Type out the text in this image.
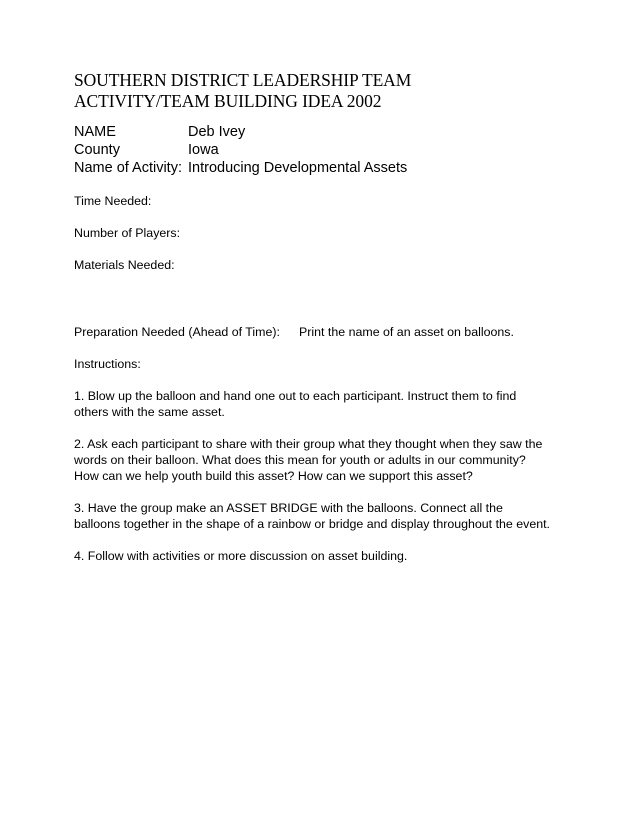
SOUTHERN DISTRICT LEADERSHIP TEAM
ACTIVITY/TEAM BUILDING IDEA 2002
NAME	Deb Ivey
County	Iowa
Name of Activity: Introducing Developmental Assets
Time Needed:
Number of Players:
Materials Needed:
Preparation Needed (Ahead of Time):	Print the name of an asset on balloons.
Instructions:
1. Blow up the balloon and hand one out to each participant. Instruct them to find
others with the same asset.
2. Ask each participant to share with their group what they thought when they saw the
words on their balloon. What does this mean for youth or adults in our community?
How can we help youth build this asset? How can we support this asset?
3. Have the group make an ASSET BRIDGE with the balloons. Connect all the
balloons together in the shape of a rainbow or bridge and display throughout the event.
4. Follow with activities or more discussion on asset building.
